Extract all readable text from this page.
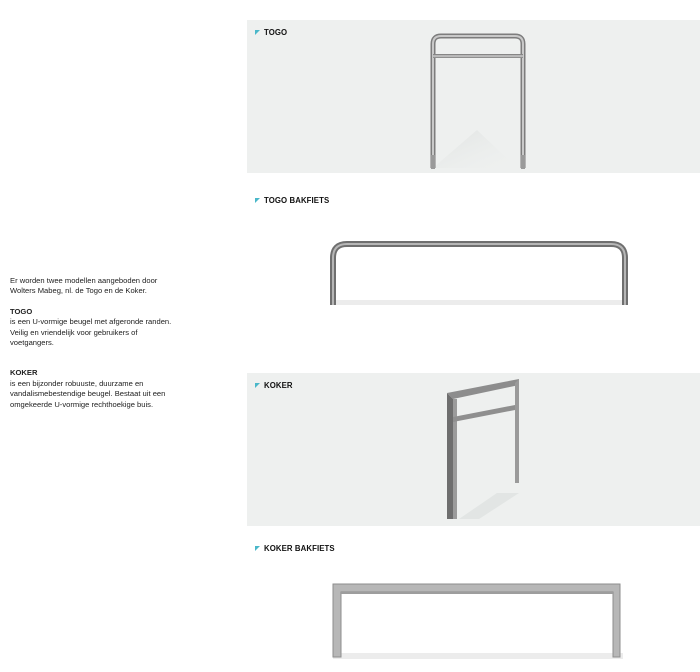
Er worden twee modellen aangeboden door Wolters Mabeg, nl. de Togo en de Koker.

TOGO

is een U-vormige beugel met afgeronde randen. Veilig en vriendelijk voor gebruikers of voetgangers.

KOKER

is een bijzonder robuuste, duurzame en vandalismebestendige beugel. Bestaat uit een omgekeerde U-vormige rechthoekige buis.

TOGO
TOGO BAKFIETS
KOKER
KOKER BAKFIETS
